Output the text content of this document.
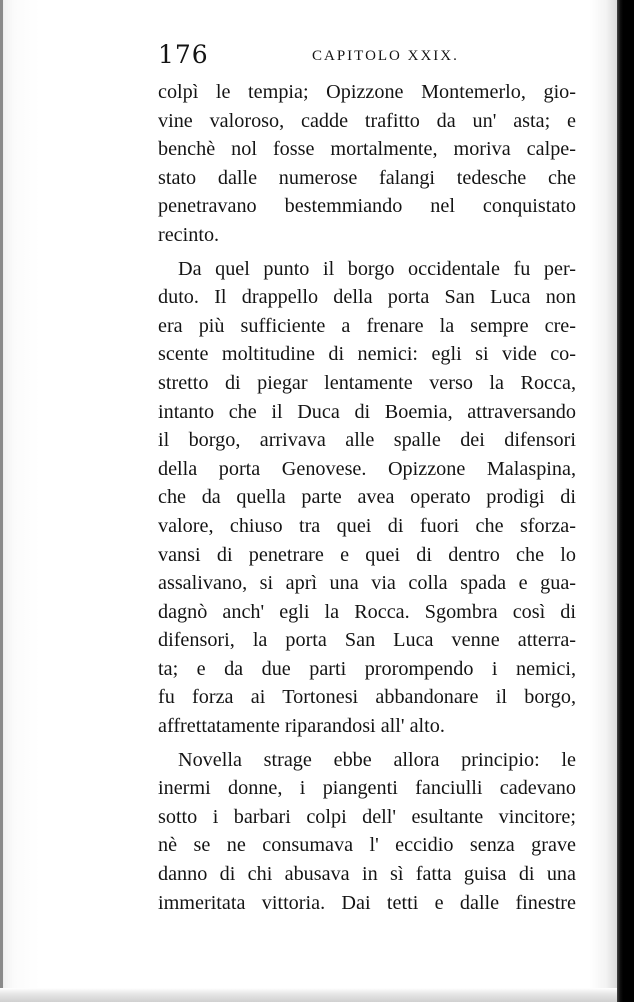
176	CAPITOLO XXIX.
colpì le tempia; Opizzone Montemerlo, gio-
vine valoroso, cadde trafitto da un' asta; e
benchè nol fosse mortalmente, moriva calpe-
stato dalle numerose falangi tedesche che
penetravano bestemmiando nel conquistato
recinto.
Da quel punto il borgo occidentale fu per-
duto. Il drappello della porta San Luca non
era più sufficiente a frenare la sempre cre-
scente moltitudine di nemici: egli si vide co-
stretto di piegar lentamente verso la Rocca,
intanto che il Duca di Boemia, attraversando
il borgo, arrivava alle spalle dei difensori
della porta Genovese. Opizzone Malaspina,
che da quella parte avea operato prodigi di
valore, chiuso tra quei di fuori che sforza-
vansi di penetrare e quei di dentro che lo
assalivano, si aprì una via colla spada e gua-
dagnò anch' egli la Rocca. Sgombra così di
difensori, la porta San Luca venne atterra-
ta; e da due parti prorompendo i nemici,
fu forza ai Tortonesi abbandonare il borgo,
affrettatamente riparandosi all' alto.
Novella strage ebbe allora principio: le
inermi donne, i piangenti fanciulli cadevano
sotto i barbari colpi dell' esultante vincitore;
nè se ne consumava l' eccidio senza grave
danno di chi abusava in sì fatta guisa di una
immeritata vittoria. Dai tetti e dalle finestre
